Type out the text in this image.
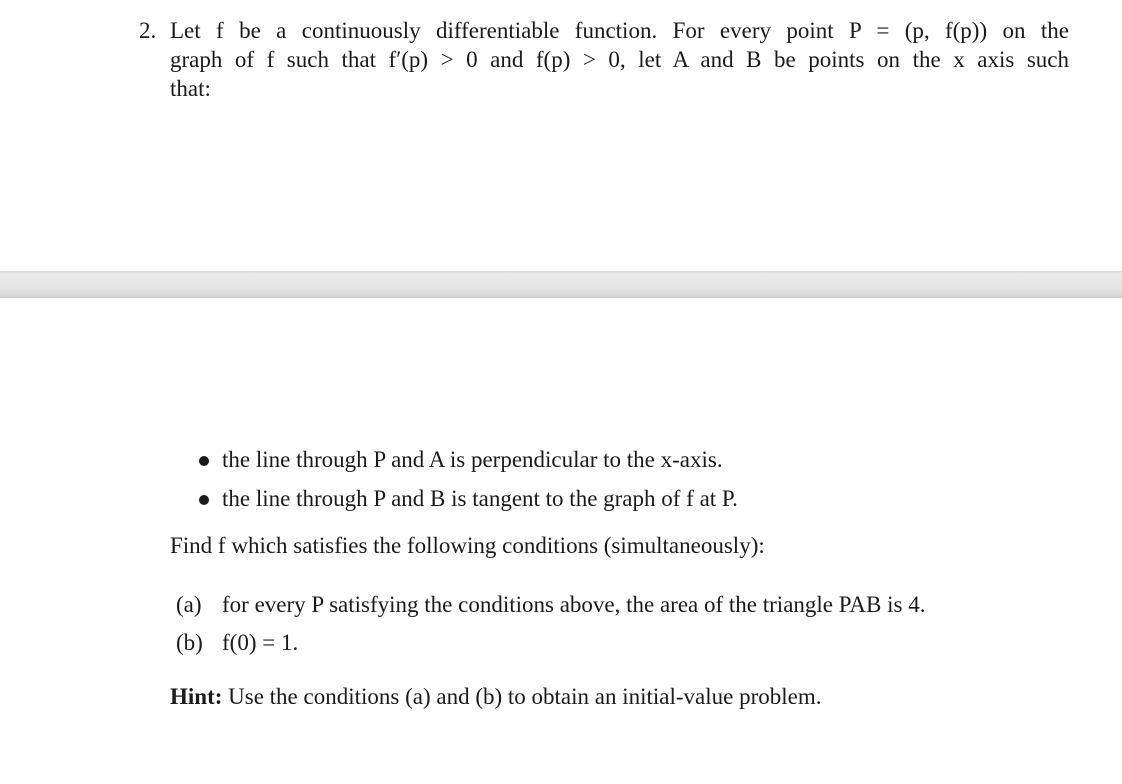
2. Let f be a continuously differentiable function. For every point P = (p, f(p)) on the
graph of f such that f′(p) > 0 and f(p) > 0, let A and B be points on the x axis such
that:
the line through P and A is perpendicular to the x-axis.
the line through P and B is tangent to the graph of f at P.
Find f which satisfies the following conditions (simultaneously):
(a) for every P satisfying the conditions above, the area of the triangle PAB is 4.
(b) f(0) = 1.
Hint: Use the conditions (a) and (b) to obtain an initial-value problem.
